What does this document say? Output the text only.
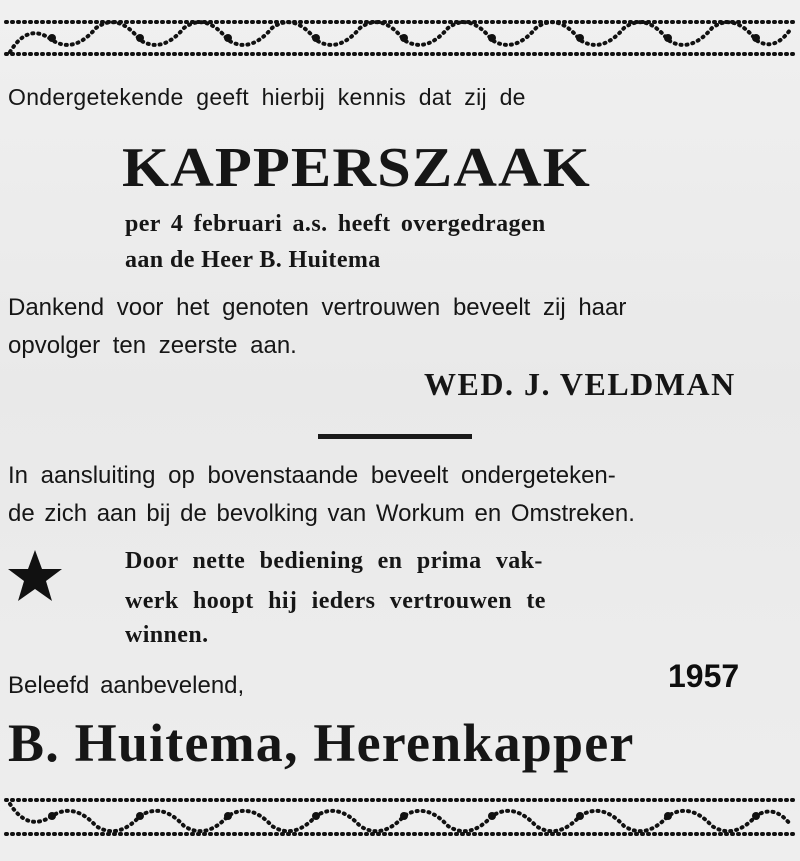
Ondergetekende geeft hierbij kennis dat zij de
KAPPERSZAAK
per 4 februari a.s. heeft overgedragen
aan de Heer B. Huitema
Dankend voor het genoten vertrouwen beveelt zij haar
opvolger ten zeerste aan.
WED. J. VELDMAN
In aansluiting op bovenstaande beveelt ondergeteken-
de zich aan bij de bevolking van Workum en Omstreken.
Door nette bediening en prima vak-
werk hoopt hij ieders vertrouwen te
winnen.
1957
Beleefd aanbevelend,
B. Huitema, Herenkapper
